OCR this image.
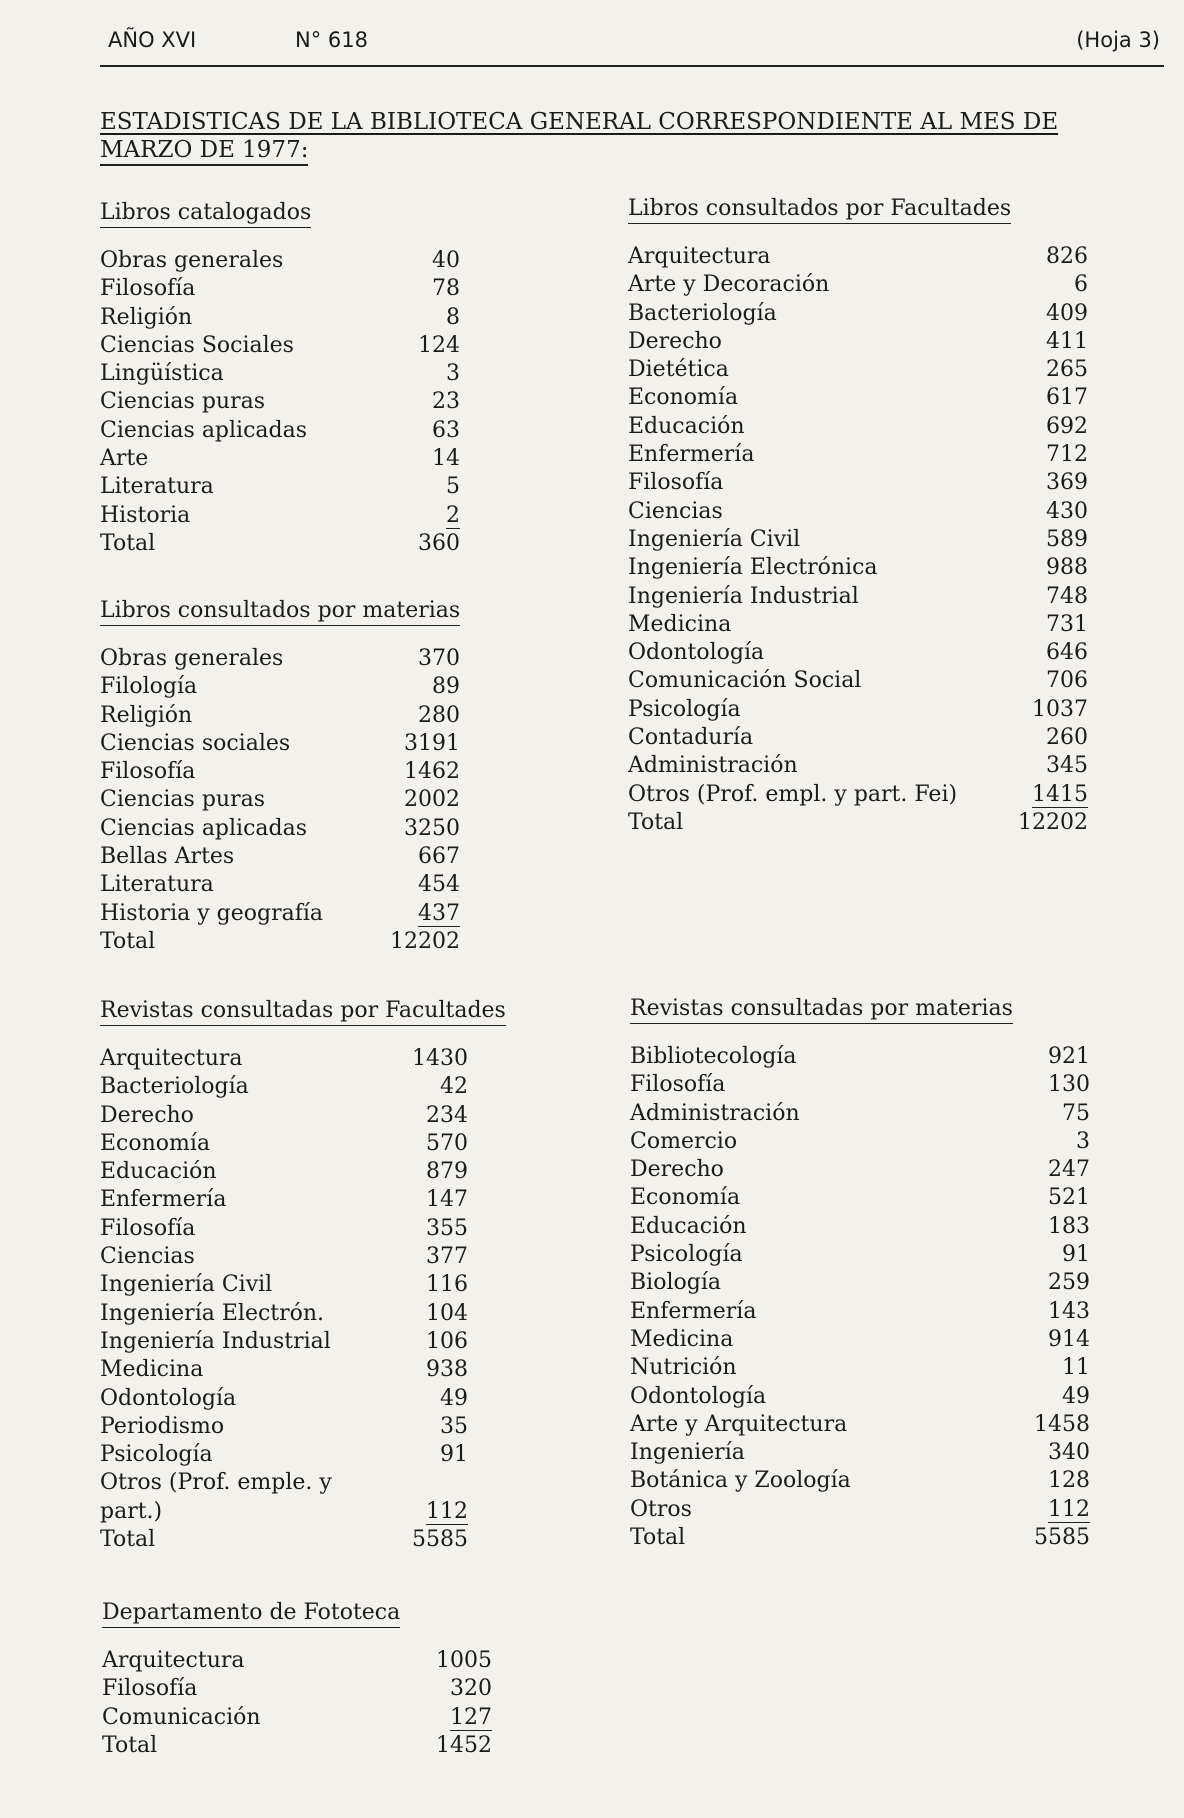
AÑO XVI	N° 618	(Hoja 3)
ESTADISTICAS DE LA BIBLIOTECA GENERAL CORRESPONDIENTE AL MES DE
MARZO DE 1977:
Libros catalogados
Obras generales	40
Filosofía	78
Religión	8
Ciencias Sociales	124
Lingüística	3
Ciencias puras	23
Ciencias aplicadas	63
Arte	14
Literatura	5
Historia	2
Total	360
Libros consultados por materias
Obras generales	370
Filología	89
Religión	280
Ciencias sociales	3191
Filosofía	1462
Ciencias puras	2002
Ciencias aplicadas	3250
Bellas Artes	667
Literatura	454
Historia y geografía	437
Total	12202
Libros consultados por Facultades
Arquitectura	826
Arte y Decoración	6
Bacteriología	409
Derecho	411
Dietética	265
Economía	617
Educación	692
Enfermería	712
Filosofía	369
Ciencias	430
Ingeniería Civil	589
Ingeniería Electrónica	988
Ingeniería Industrial	748
Medicina	731
Odontología	646
Comunicación Social	706
Psicología	1037
Contaduría	260
Administración	345
Otros (Prof. empl. y part. Fei)	1415
Total	12202
Revistas consultadas por Facultades
Arquitectura	1430
Bacteriología	42
Derecho	234
Economía	570
Educación	879
Enfermería	147
Filosofía	355
Ciencias	377
Ingeniería Civil	116
Ingeniería Electrón.	104
Ingeniería Industrial	106
Medicina	938
Odontología	49
Periodismo	35
Psicología	91
Otros (Prof. emple. y
part.)	112
Total	5585
Revistas consultadas por materias
Bibliotecología	921
Filosofía	130
Administración	75
Comercio	3
Derecho	247
Economía	521
Educación	183
Psicología	91
Biología	259
Enfermería	143
Medicina	914
Nutrición	11
Odontología	49
Arte y Arquitectura	1458
Ingeniería	340
Botánica y Zoología	128
Otros	112
Total	5585
Departamento de Fototeca
Arquitectura	1005
Filosofía	320
Comunicación	127
Total	1452
